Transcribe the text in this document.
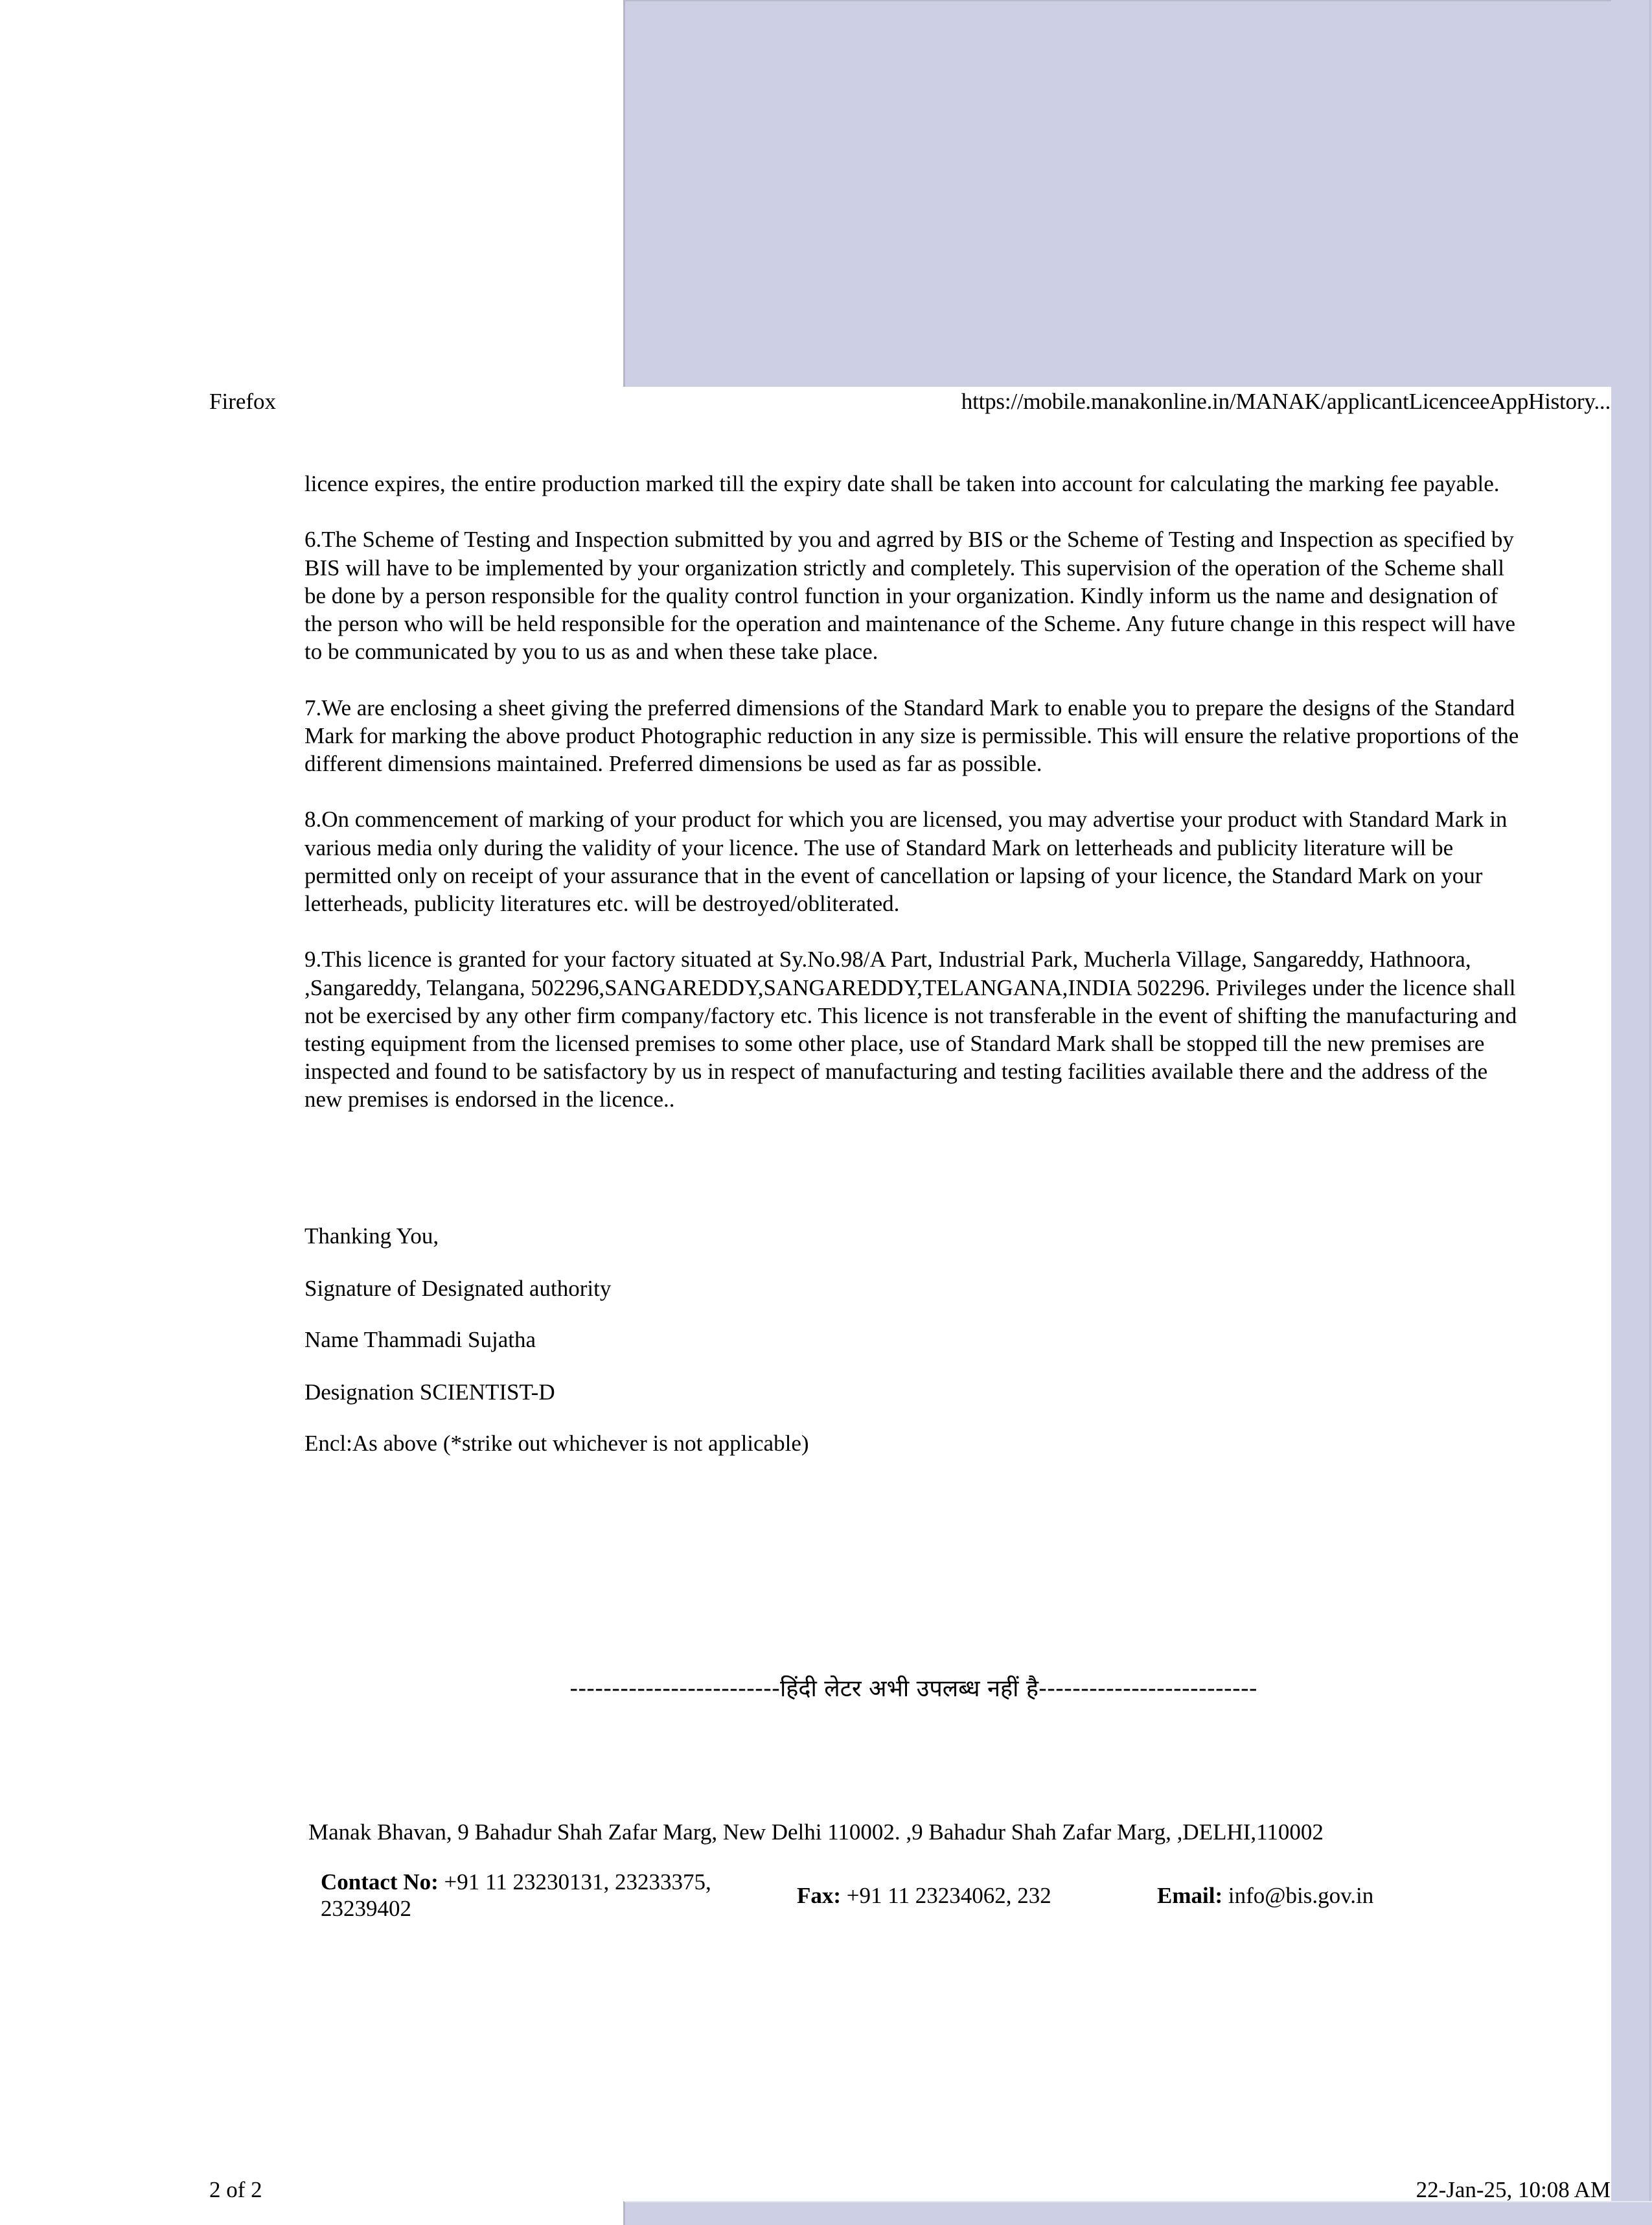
Firefox	https://mobile.manakonline.in/MANAK/applicantLicenceeAppHistory...

licence expires, the entire production marked till the expiry date shall be taken into account for calculating the marking fee payable.

6.The Scheme of Testing and Inspection submitted by you and agrred by BIS or the Scheme of Testing and Inspection as specified by BIS will have to be implemented by your organization strictly and completely. This supervision of the operation of the Scheme shall be done by a person responsible for the quality control function in your organization. Kindly inform us the name and designation of the person who will be held responsible for the operation and maintenance of the Scheme. Any future change in this respect will have to be communicated by you to us as and when these take place.

7.We are enclosing a sheet giving the preferred dimensions of the Standard Mark to enable you to prepare the designs of the Standard Mark for marking the above product Photographic reduction in any size is permissible. This will ensure the relative proportions of the different dimensions maintained. Preferred dimensions be used as far as possible.

8.On commencement of marking of your product for which you are licensed, you may advertise your product with Standard Mark in various media only during the validity of your licence. The use of Standard Mark on letterheads and publicity literature will be permitted only on receipt of your assurance that in the event of cancellation or lapsing of your licence, the Standard Mark on your letterheads, publicity literatures etc. will be destroyed/obliterated.

9.This licence is granted for your factory situated at Sy.No.98/A Part, Industrial Park, Mucherla Village, Sangareddy, Hathnoora, ,Sangareddy, Telangana, 502296,SANGAREDDY,SANGAREDDY,TELANGANA,INDIA 502296. Privileges under the licence shall not be exercised by any other firm company/factory etc. This licence is not transferable in the event of shifting the manufacturing and testing equipment from the licensed premises to some other place, use of Standard Mark shall be stopped till the new premises are inspected and found to be satisfactory by us in respect of manufacturing and testing facilities available there and the address of the new premises is endorsed in the licence..

Thanking You,
Signature of Designated authority
Name Thammadi Sujatha
Designation SCIENTIST-D
Encl:As above (*strike out whichever is not applicable)
-------------------------हिंदी लेटर अभी उपलब्ध नहीं है--------------------------
Manak Bhavan, 9 Bahadur Shah Zafar Marg, New Delhi 110002. ,9 Bahadur Shah Zafar Marg, ,DELHI,110002
Contact No: +91 11 23230131, 23233375, 23239402
Fax: +91 11 23234062, 232	Email: info@bis.gov.in
2 of 2	22-Jan-25, 10:08 AM
